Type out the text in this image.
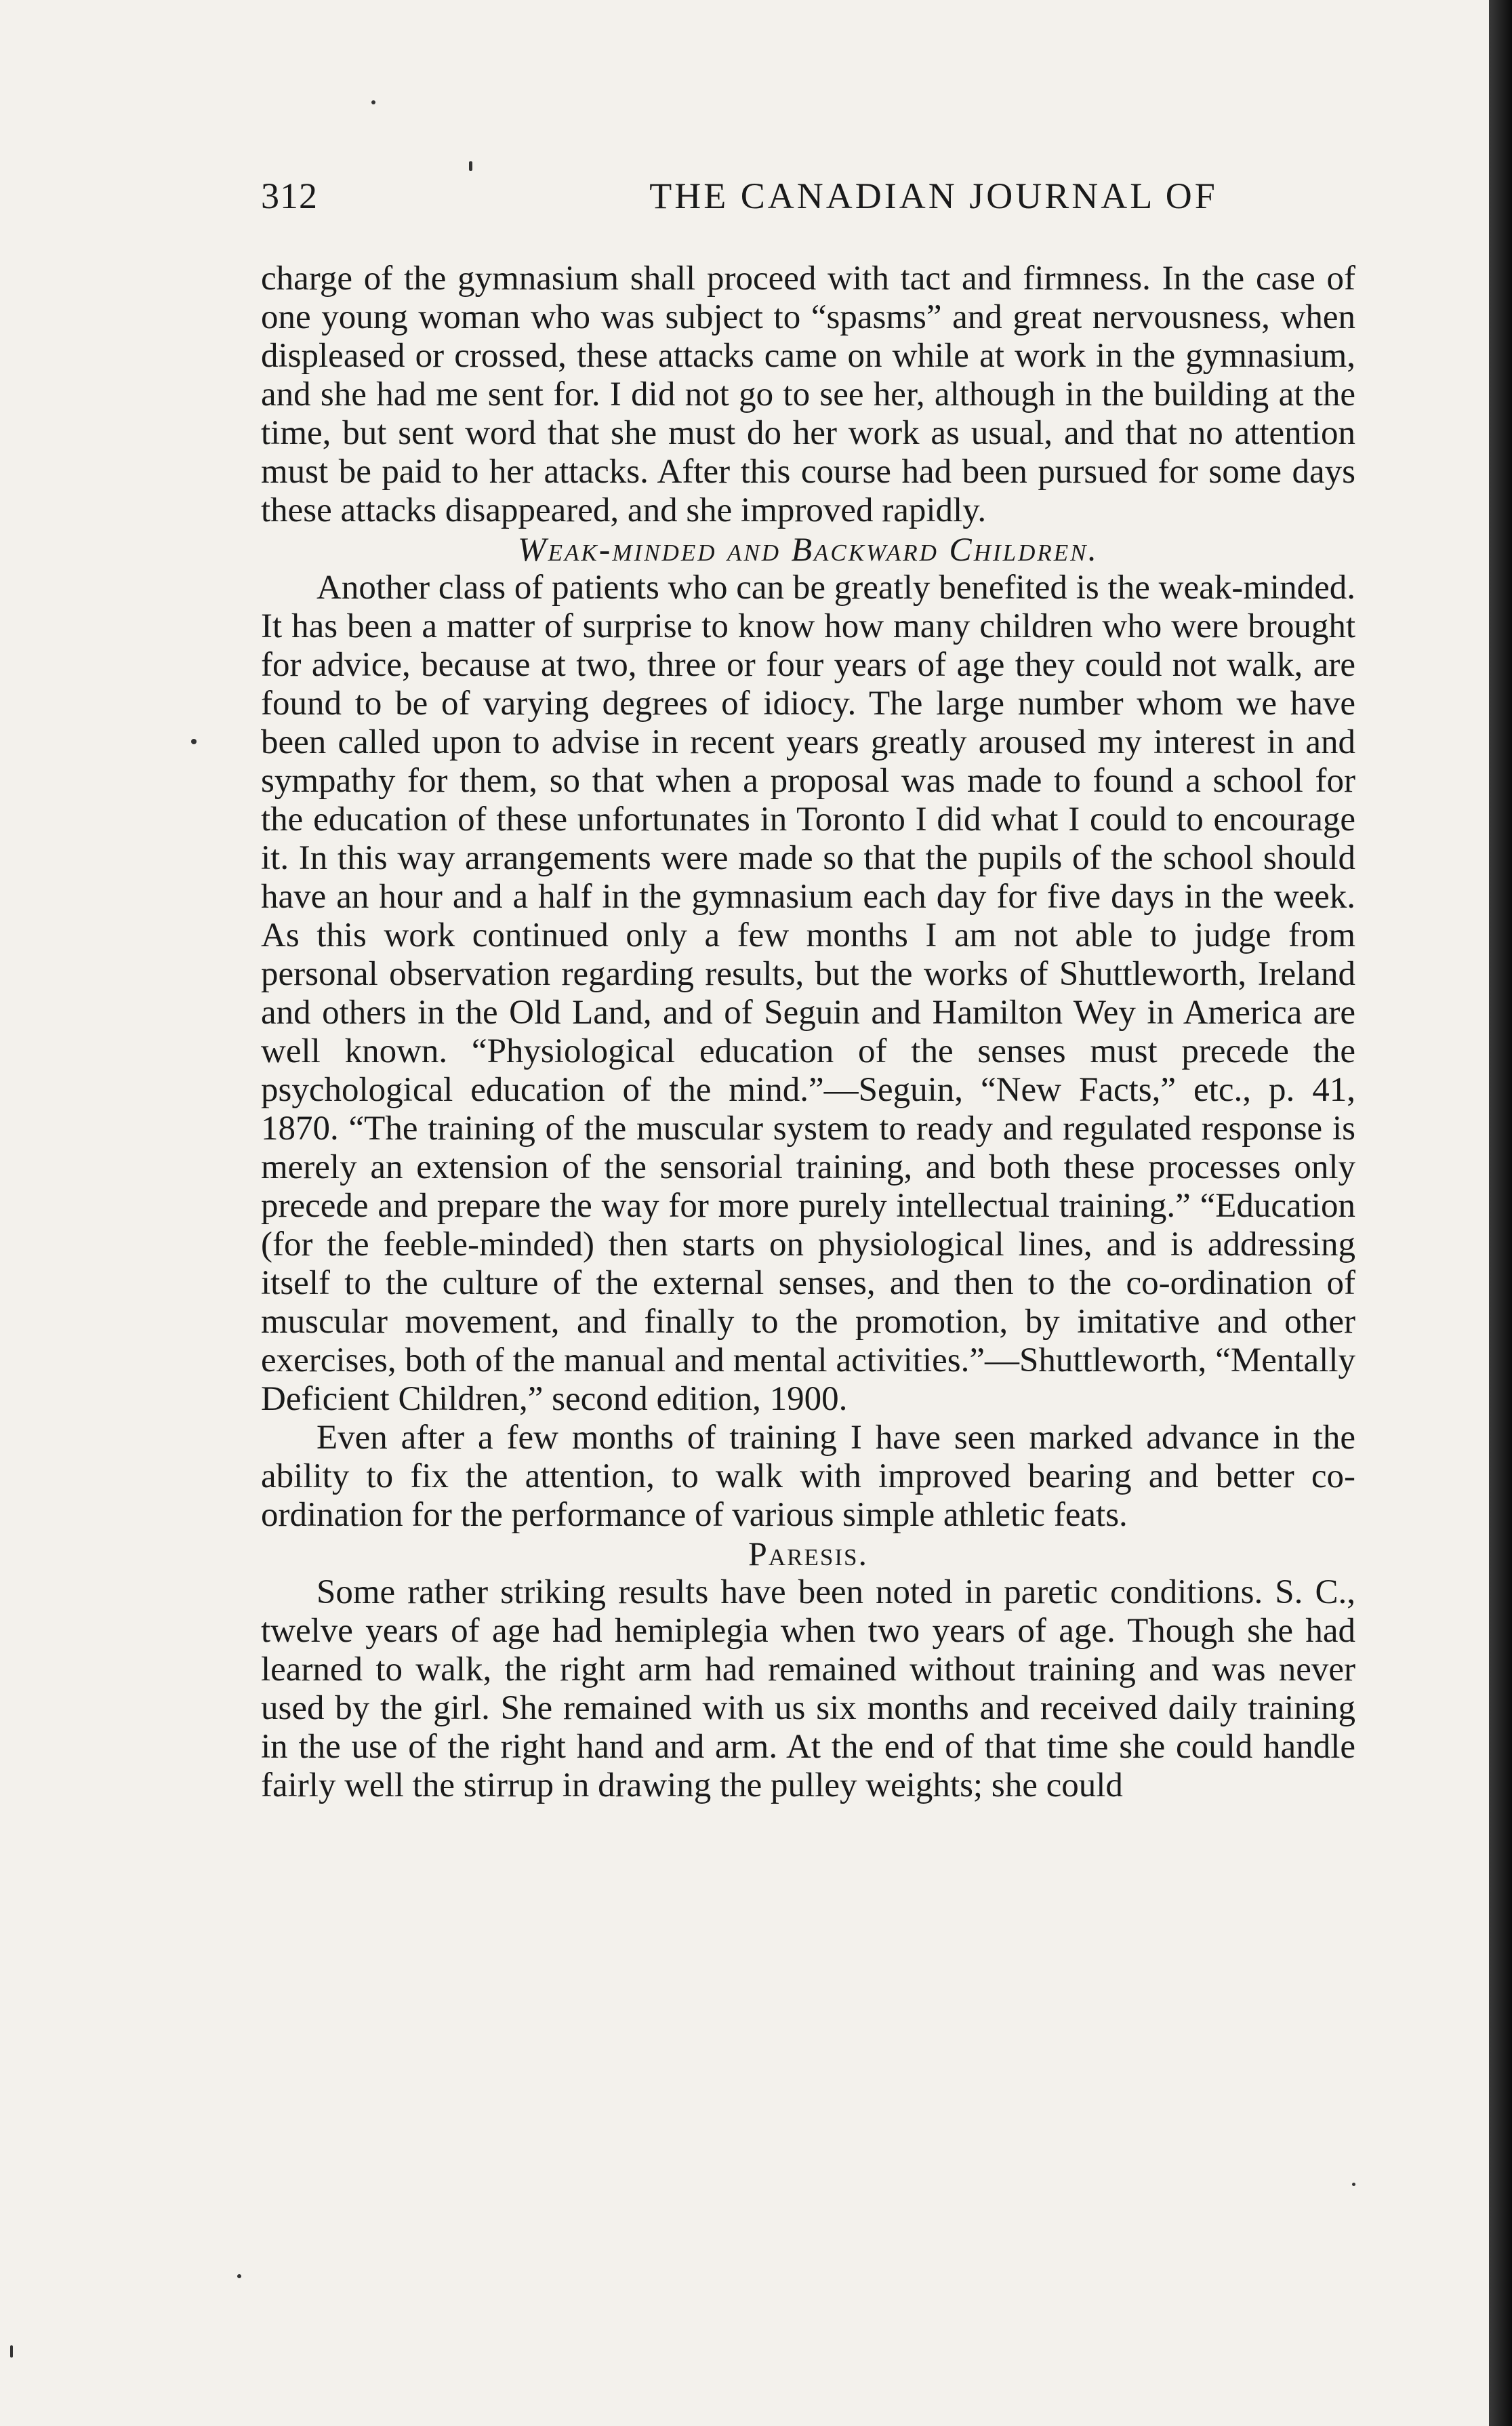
312	THE CANADIAN JOURNAL OF

charge of the gymnasium shall proceed with tact and firmness. In the case of one young woman who was subject to “spasms” and great nervousness, when displeased or crossed, these attacks came on while at work in the gymnasium, and she had me sent for. I did not go to see her, although in the building at the time, but sent word that she must do her work as usual, and that no attention must be paid to her attacks. After this course had been pursued for some days these attacks disappeared, and she improved rapidly.

Weak-minded and Backward Children.

Another class of patients who can be greatly benefited is the weak-minded. It has been a matter of surprise to know how many children who were brought for advice, because at two, three or four years of age they could not walk, are found to be of varying degrees of idiocy. The large number whom we have been called upon to advise in recent years greatly aroused my interest in and sympathy for them, so that when a proposal was made to found a school for the education of these unfortunates in Toronto I did what I could to encourage it. In this way arrangements were made so that the pupils of the school should have an hour and a half in the gymnasium each day for five days in the week. As this work continued only a few months I am not able to judge from personal observation regarding results, but the works of Shuttleworth, Ireland and others in the Old Land, and of Seguin and Hamilton Wey in America are well known. “Physiological education of the senses must precede the psychological education of the mind.”—Seguin, “New Facts,” etc., p. 41, 1870. “The training of the muscular system to ready and regulated response is merely an extension of the sensorial training, and both these processes only precede and prepare the way for more purely intellectual training.” “Education (for the feeble-minded) then starts on physiological lines, and is addressing itself to the culture of the external senses, and then to the co-ordination of muscular movement, and finally to the promotion, by imitative and other exercises, both of the manual and mental activities.”—Shuttleworth, “Mentally Deficient Children,” second edition, 1900.

Even after a few months of training I have seen marked advance in the ability to fix the attention, to walk with improved bearing and better co-ordination for the performance of various simple athletic feats.

Paresis.

Some rather striking results have been noted in paretic conditions. S. C., twelve years of age had hemiplegia when two years of age. Though she had learned to walk, the right arm had remained without training and was never used by the girl. She remained with us six months and received daily training in the use of the right hand and arm. At the end of that time she could handle fairly well the stirrup in drawing the pulley weights; she could
